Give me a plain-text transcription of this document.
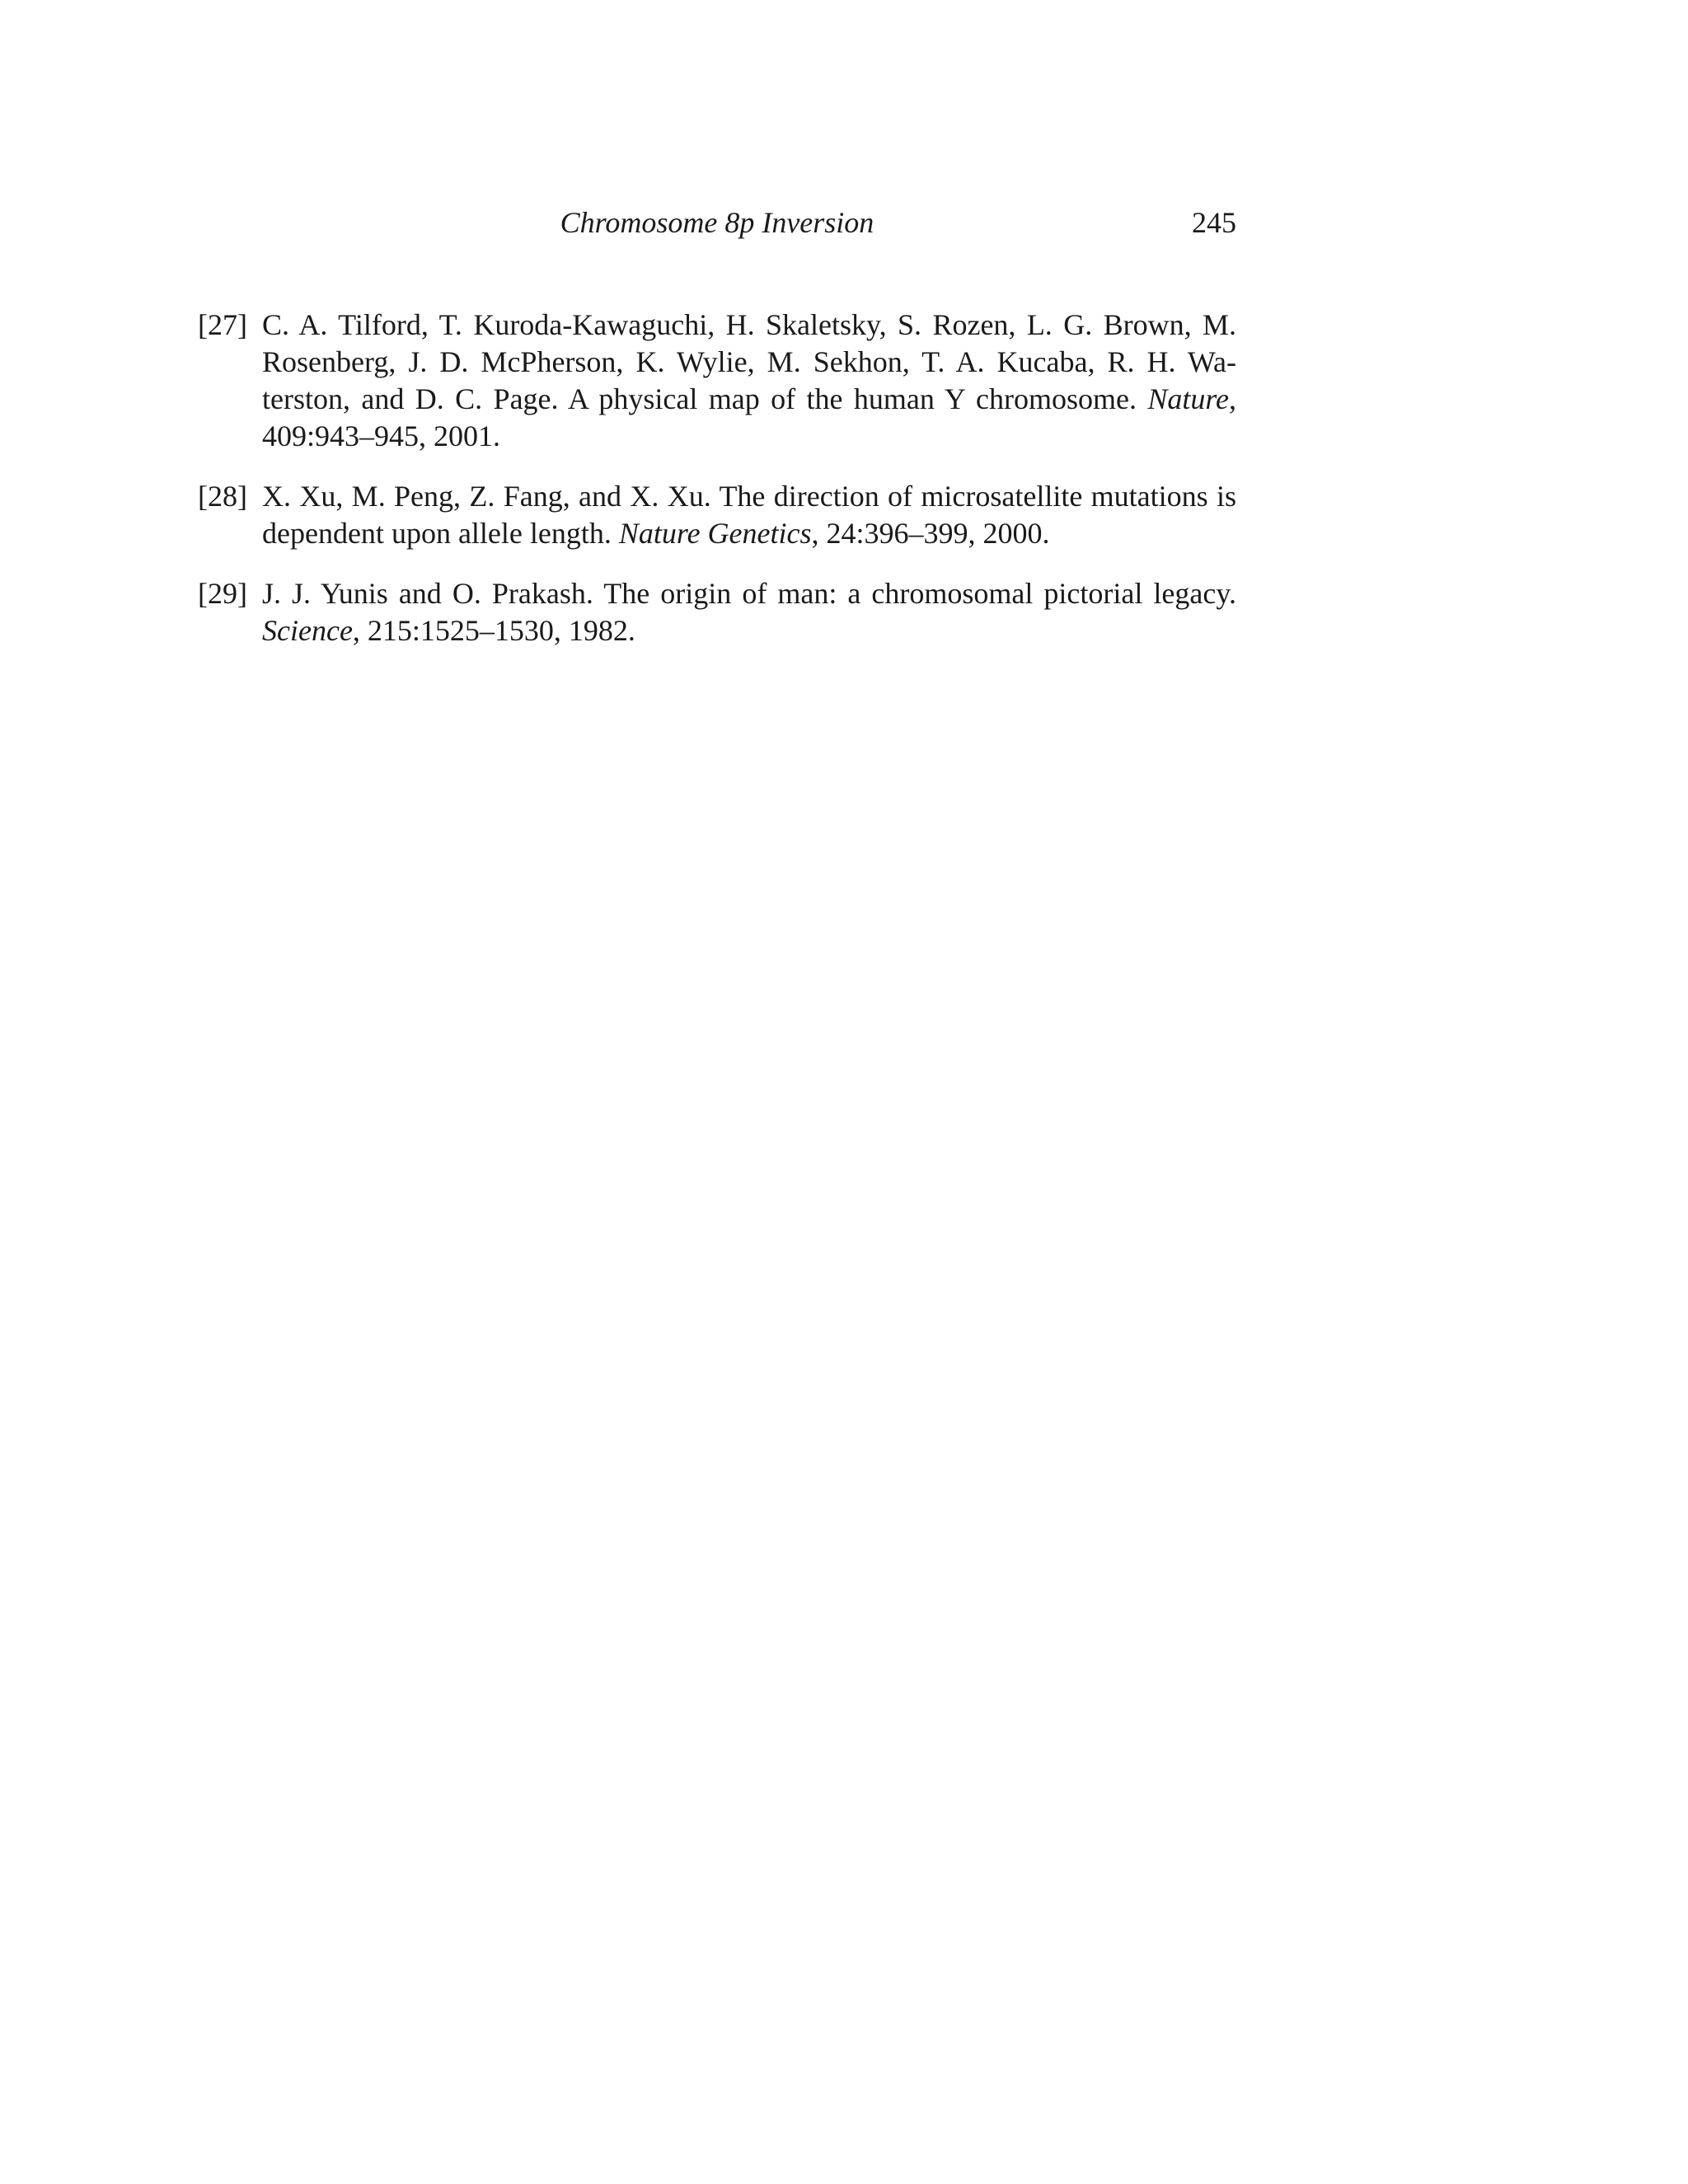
Chromosome 8p Inversion	245
[27] C. A. Tilford, T. Kuroda-Kawaguchi, H. Skaletsky, S. Rozen, L. G. Brown, M. Rosenberg, J. D. McPherson, K. Wylie, M. Sekhon, T. A. Kucaba, R. H. Wa-terston, and D. C. Page. A physical map of the human Y chromosome. Nature, 409:943–945, 2001.
[28] X. Xu, M. Peng, Z. Fang, and X. Xu. The direction of microsatellite mutations is dependent upon allele length. Nature Genetics, 24:396–399, 2000.
[29] J. J. Yunis and O. Prakash. The origin of man: a chromosomal pictorial legacy. Science, 215:1525–1530, 1982.
